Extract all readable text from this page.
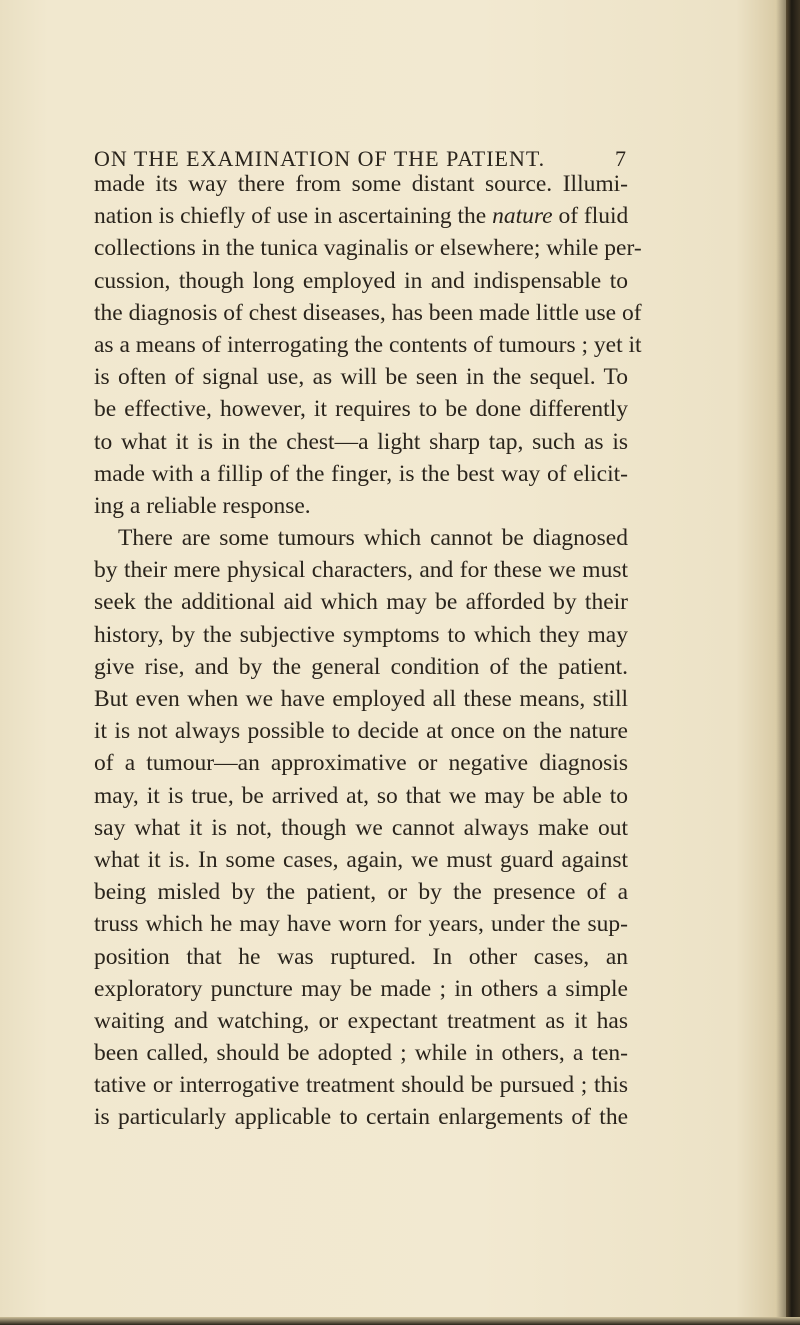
ON THE EXAMINATION OF THE PATIENT.	7
made its way there from some distant source. Illumi-
nation is chiefly of use in ascertaining the nature of fluid
collections in the tunica vaginalis or elsewhere; while per-
cussion, though long employed in and indispensable to
the diagnosis of chest diseases, has been made little use of
as a means of interrogating the contents of tumours ; yet it
is often of signal use, as will be seen in the sequel. To
be effective, however, it requires to be done differently
to what it is in the chest—a light sharp tap, such as is
made with a fillip of the finger, is the best way of elicit-
ing a reliable response.
There are some tumours which cannot be diagnosed
by their mere physical characters, and for these we must
seek the additional aid which may be afforded by their
history, by the subjective symptoms to which they may
give rise, and by the general condition of the patient.
But even when we have employed all these means, still
it is not always possible to decide at once on the nature
of a tumour—an approximative or negative diagnosis
may, it is true, be arrived at, so that we may be able to
say what it is not, though we cannot always make out
what it is. In some cases, again, we must guard against
being misled by the patient, or by the presence of a
truss which he may have worn for years, under the sup-
position that he was ruptured. In other cases, an
exploratory puncture may be made ; in others a simple
waiting and watching, or expectant treatment as it has
been called, should be adopted ; while in others, a ten-
tative or interrogative treatment should be pursued ; this
is particularly applicable to certain enlargements of the
